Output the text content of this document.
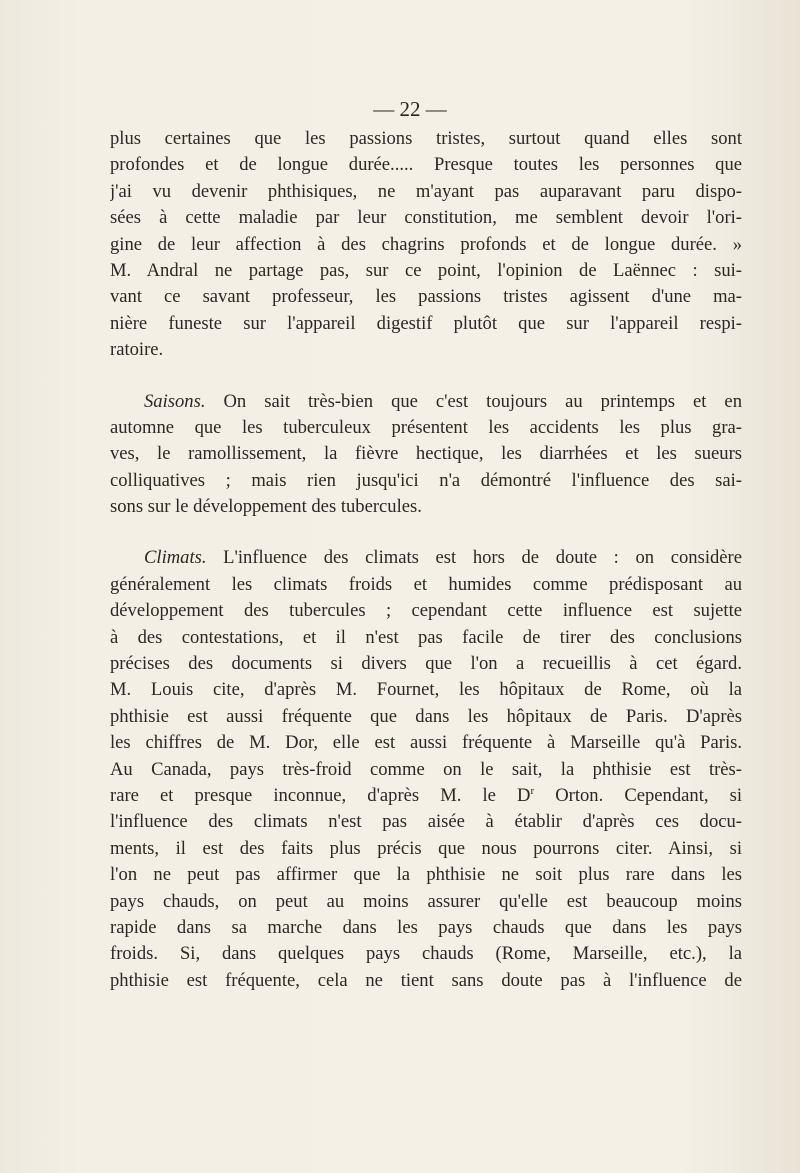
— 22 —
plus certaines que les passions tristes, surtout quand elles sont
profondes et de longue durée..... Presque toutes les personnes que
j'ai vu devenir phthisiques, ne m'ayant pas auparavant paru dispo-
sées à cette maladie par leur constitution, me semblent devoir l'ori-
gine de leur affection à des chagrins profonds et de longue durée. »
M. Andral ne partage pas, sur ce point, l'opinion de Laënnec : sui-
vant ce savant professeur, les passions tristes agissent d'une ma-
nière funeste sur l'appareil digestif plutôt que sur l'appareil respi-
ratoire.
Saisons. On sait très-bien que c'est toujours au printemps et en
automne que les tuberculeux présentent les accidents les plus gra-
ves, le ramollissement, la fièvre hectique, les diarrhées et les sueurs
colliquatives ; mais rien jusqu'ici n'a démontré l'influence des sai-
sons sur le développement des tubercules.
Climats. L'influence des climats est hors de doute : on considère
généralement les climats froids et humides comme prédisposant au
développement des tubercules ; cependant cette influence est sujette
à des contestations, et il n'est pas facile de tirer des conclusions
précises des documents si divers que l'on a recueillis à cet égard.
M. Louis cite, d'après M. Fournet, les hôpitaux de Rome, où la
phthisie est aussi fréquente que dans les hôpitaux de Paris. D'après
les chiffres de M. Dor, elle est aussi fréquente à Marseille qu'à Paris.
Au Canada, pays très-froid comme on le sait, la phthisie est très-
rare et presque inconnue, d'après M. le $D^r$ Orton. Cependant, si
l'influence des climats n'est pas aisée à établir d'après ces docu-
ments, il est des faits plus précis que nous pourrons citer. Ainsi, si
l'on ne peut pas affirmer que la phthisie ne soit plus rare dans les
pays chauds, on peut au moins assurer qu'elle est beaucoup moins
rapide dans sa marche dans les pays chauds que dans les pays
froids. Si, dans quelques pays chauds (Rome, Marseille, etc.), la
phthisie est fréquente, cela ne tient sans doute pas à l'influence de
